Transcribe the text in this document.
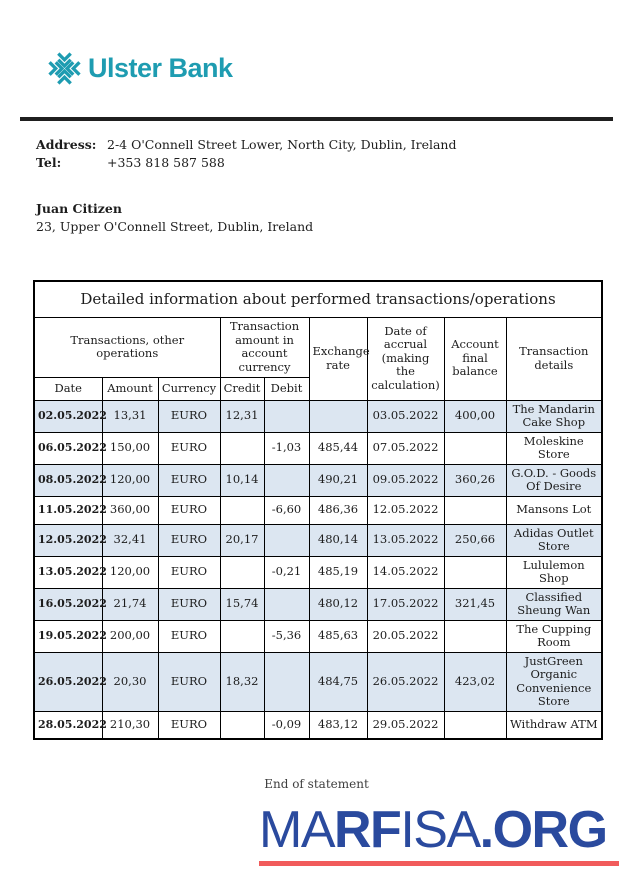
Ulster Bank
Address: 2-4 O'Connell Street Lower, North City, Dublin, Ireland
Tel:	+353 818 587 588
Juan Citizen
23, Upper O'Connell Street, Dublin, Ireland
Detailed information about performed transactions/operations								
Transactions, other operations			Transaction amount in account currency		Exchange rate	Date of accrual (making the calculation)	Account final balance	Transaction details
Date	Amount	Currency	Credit	Debit				
02.05.2022	13,31	EURO	12,31			03.05.2022	400,00	The Mandarin Cake Shop
06.05.2022	150,00	EURO		-1,03	485,44	07.05.2022		Moleskine Store
08.05.2022	120,00	EURO	10,14		490,21	09.05.2022	360,26	G.O.D. - Goods Of Desire
11.05.2022	360,00	EURO		-6,60	486,36	12.05.2022		Mansons Lot
12.05.2022	32,41	EURO	20,17		480,14	13.05.2022	250,66	Adidas Outlet Store
13.05.2022	120,00	EURO		-0,21	485,19	14.05.2022		Lululemon Shop
16.05.2022	21,74	EURO	15,74		480,12	17.05.2022	321,45	Classified Sheung Wan
19.05.2022	200,00	EURO		-5,36	485,63	20.05.2022		The Cupping Room
26.05.2022	20,30	EURO	18,32		484,75	26.05.2022	423,02	JustGreen Organic Convenience Store
28.05.2022	210,30	EURO		-0,09	483,12	29.05.2022		Withdraw ATM
End of statement
MARFISA.ORG
